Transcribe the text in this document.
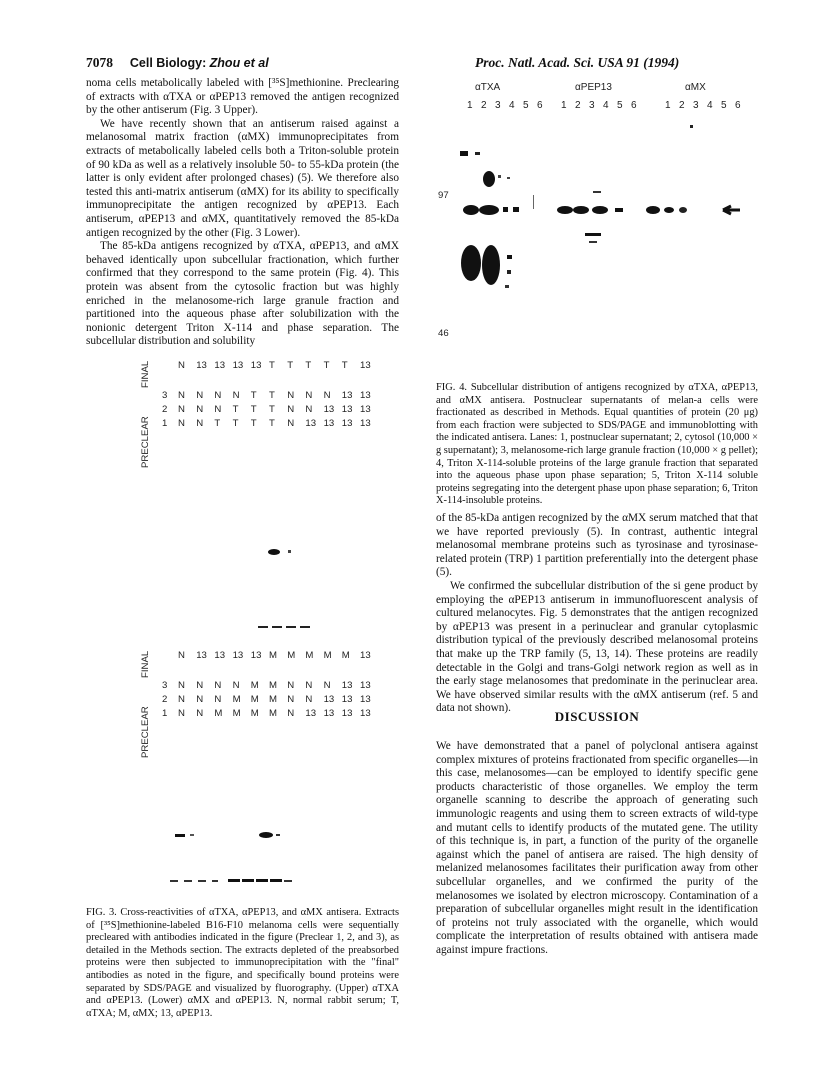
7078 Cell Biology: Zhou et al	Proc. Natl. Acad. Sci. USA 91 (1994)

noma cells metabolically labeled with [³⁵S]methionine. Preclearing of extracts with αTXA or αPEP13 removed the antigen recognized by the other antiserum (Fig. 3 Upper).

We have recently shown that an antiserum raised against a melanosomal matrix fraction (αMX) immunoprecipitates from extracts of metabolically labeled cells both a Triton-soluble protein of 90 kDa as well as a relatively insoluble 50- to 55-kDa protein (the latter is only evident after prolonged chases) (5). We therefore also tested this anti-matrix antiserum (αMX) for its ability to specifically immunoprecipitate the antigen recognized by αPEP13. Each antiserum, αPEP13 and αMX, quantitatively removed the 85-kDa antigen recognized by the other (Fig. 3 Lower).

The 85-kDa antigens recognized by αTXA, αPEP13, and αMX behaved identically upon subcellular fractionation, which further confirmed that they correspond to the same protein (Fig. 4). This protein was absent from the cytosolic fraction but was highly enriched in the melanosome-rich large granule fraction and partitioned into the aqueous phase after solubilization with the nonionic detergent Triton X-114 and phase separation. The subcellular distribution and solubility

FINAL
PRECLEAR
N 13 13 13 13 T T T T T 13
3 N N N N T T N N N 13 13
2 N N N T T T N N 13 13 13
1 N N T T T T N 13 13 13 13
FINAL
PRECLEAR
N 13 13 13 13 M M M M M 13
3 N N N N M M N N N 13 13
2 N N N M M M N N 13 13 13
1 N N M M M M N 13 13 13 13
FIG. 3. Cross-reactivities of αTXA, αPEP13, and αMX antisera. Extracts of [³⁵S]methionine-labeled B16-F10 melanoma cells were sequentially precleared with antibodies indicated in the figure (Preclear 1, 2, and 3), as detailed in the Methods section. The extracts depleted of the preabsorbed proteins were then subjected to immunoprecipitation with the "final" antibodies as noted in the figure, and specifically bound proteins were separated by SDS/PAGE and visualized by fluorography. (Upper) αTXA and αPEP13. (Lower) αMX and αPEP13. N, normal rabbit serum; T, αTXA; M, αMX; 13, αPEP13.
αTXA	αPEP13	αMX
1 2 3 4 5 6 1 2 3 4 5 6	1 2 3 4 5 6
97
46
FIG. 4. Subcellular distribution of antigens recognized by αTXA, αPEP13, and αMX antisera. Postnuclear supernatants of melan-a cells were fractionated as described in Methods. Equal quantities of protein (20 μg) from each fraction were subjected to SDS/PAGE and immunoblotting with the indicated antisera. Lanes: 1, postnuclear supernatant; 2, cytosol (10,000 × g supernatant); 3, melanosome-rich large granule fraction (10,000 × g pellet); 4, Triton X-114-soluble proteins of the large granule fraction that separated into the aqueous phase upon phase separation; 5, Triton X-114 soluble proteins segregating into the detergent phase upon phase separation; 6, Triton X-114-insoluble proteins.

of the 85-kDa antigen recognized by the αMX serum matched that that we have reported previously (5). In contrast, authentic integral melanosomal membrane proteins such as tyrosinase and tyrosinase-related protein (TRP) 1 partition preferentially into the detergent phase (5).

We confirmed the subcellular distribution of the si gene product by employing the αPEP13 antiserum in immunofluorescent analysis of cultured melanocytes. Fig. 5 demonstrates that the antigen recognized by αPEP13 was present in a perinuclear and granular cytoplasmic distribution typical of the previously described melanosomal proteins that make up the TRP family (5, 13, 14). These proteins are readily detectable in the Golgi and trans-Golgi network region as well as in the early stage melanosomes that predominate in the perinuclear area. We have observed similar results with the αMX antiserum (ref. 5 and data not shown).

DISCUSSION

We have demonstrated that a panel of polyclonal antisera against complex mixtures of proteins fractionated from specific organelles—in this case, melanosomes—can be employed to identify specific gene products characteristic of those organelles. We employ the term organelle scanning to describe the approach of generating such immunologic reagents and using them to screen extracts of wild-type and mutant cells to identify products of the mutated gene. The utility of this technique is, in part, a function of the purity of the organelle against which the panel of antisera are raised. The high density of melanized melanosomes facilitates their purification away from other subcellular organelles, and we confirmed the purity of the melanosomes we isolated by electron microscopy. Contamination of a preparation of subcellular organelles might result in the identification of proteins not truly associated with the organelle, which would complicate the interpretation of results obtained with antisera made against impure fractions.
